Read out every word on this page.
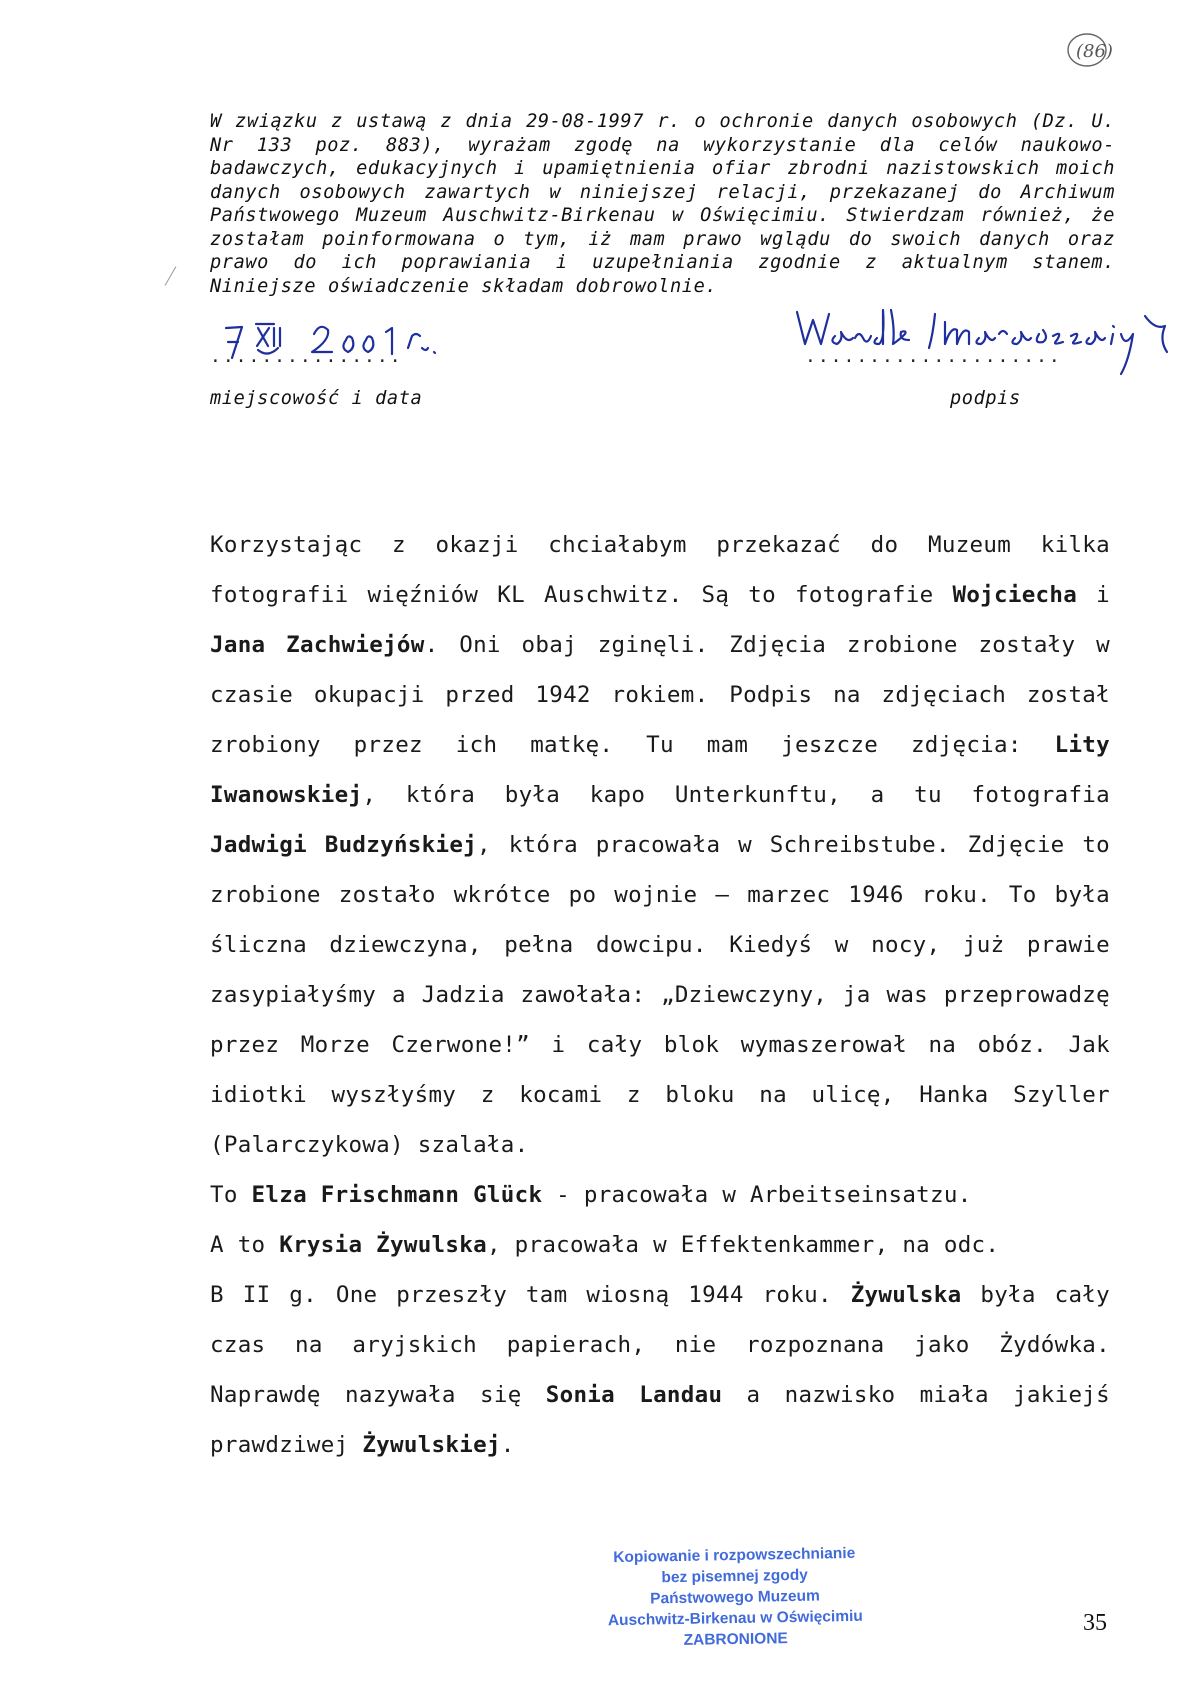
(86)

W związku z ustawą z dnia 29-08-1997 r. o ochronie danych osobowych (Dz. U. Nr 133 poz. 883), wyrażam zgodę na wykorzystanie dla celów naukowo-badawczych, edukacyjnych i upamiętnienia ofiar zbrodni nazistowskich moich danych osobowych zawartych w niniejszej relacji, przekazanej do Archiwum Państwowego Muzeum Auschwitz-Birkenau w Oświęcimiu. Stwierdzam również, że zostałam poinformowana o tym, iż mam prawo wglądu do swoich danych oraz prawo do ich poprawiania i uzupełniania zgodnie z aktualnym stanem. Niniejsze oświadczenie składam dobrowolnie.

...............	....................
miejscowość i data	podpis

Korzystając z okazji chciałabym przekazać do Muzeum kilka fotografii więźniów KL Auschwitz. Są to fotografie Wojciecha i Jana Zachwiejów. Oni obaj zginęli. Zdjęcia zrobione zostały w czasie okupacji przed 1942 rokiem. Podpis na zdjęciach został zrobiony przez ich matkę. Tu mam jeszcze zdjęcia: Lity Iwanowskiej, która była kapo Unterkunftu, a tu fotografia Jadwigi Budzyńskiej, która pracowała w Schreibstube. Zdjęcie to zrobione zostało wkrótce po wojnie – marzec 1946 roku. To była śliczna dziewczyna, pełna dowcipu. Kiedyś w nocy, już prawie zasypiałyśmy a Jadzia zawołała: „Dziewczyny, ja was przeprowadzę przez Morze Czerwone!” i cały blok wymaszerował na obóz. Jak idiotki wyszłyśmy z kocami z bloku na ulicę, Hanka Szyller (Palarczykowa) szalała.

To Elza Frischmann Glück - pracowała w Arbeitseinsatzu.

A to Krysia Żywulska, pracowała w Effektenkammer, na odc.

B II g. One przeszły tam wiosną 1944 roku. Żywulska była cały czas na aryjskich papierach, nie rozpoznana jako Żydówka. Naprawdę nazywała się Sonia Landau a nazwisko miała jakiejś prawdziwej Żywulskiej.

Kopiowanie i rozpowszechnianie
bez pisemnej zgody
Państwowego Muzeum
Auschwitz-Birkenau w Oświęcimiu
ZABRONIONE
35
